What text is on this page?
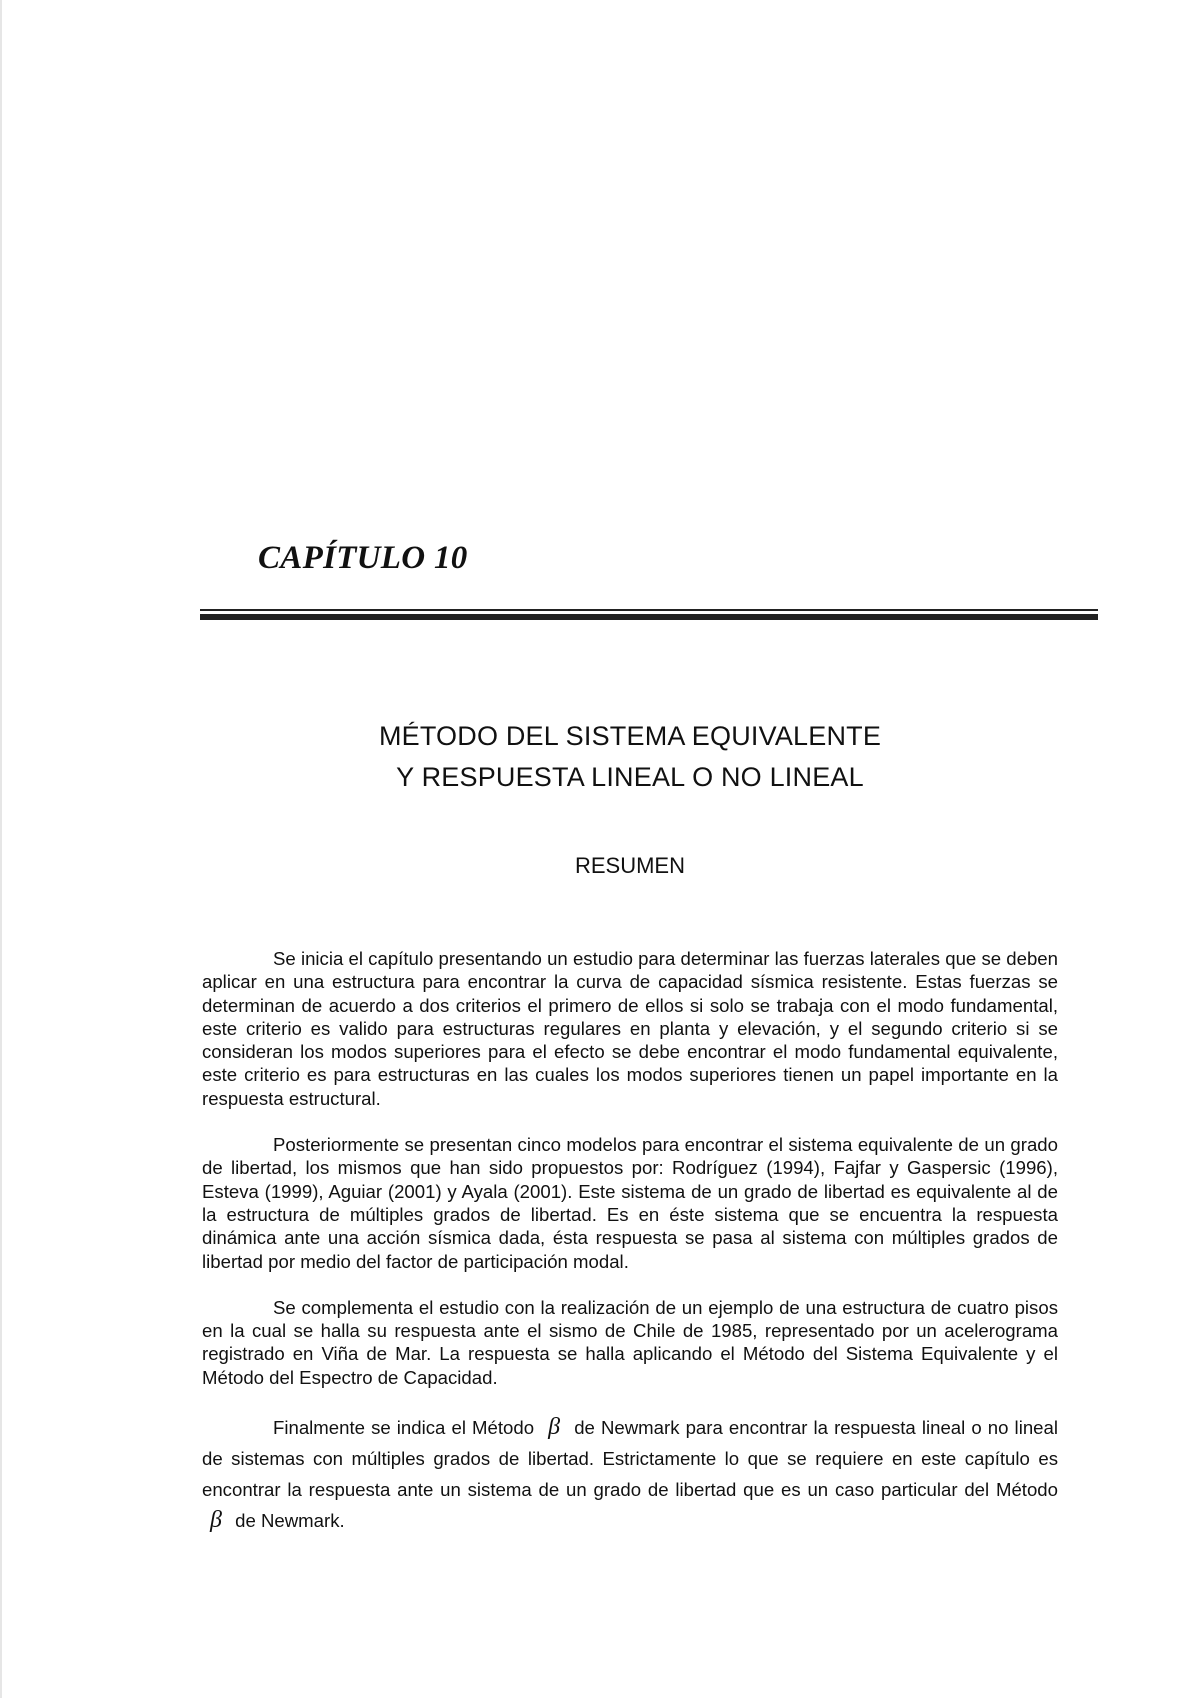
CAPÍTULO 10
MÉTODO DEL SISTEMA EQUIVALENTE
Y RESPUESTA LINEAL O NO LINEAL
RESUMEN

Se inicia el capítulo presentando un estudio para determinar las fuerzas laterales que se deben aplicar en una estructura para encontrar la curva de capacidad sísmica resistente. Estas fuerzas se determinan de acuerdo a dos criterios el primero de ellos si solo se trabaja con el modo fundamental, este criterio es valido para estructuras regulares en planta y elevación, y el segundo criterio si se consideran los modos superiores para el efecto se debe encontrar el modo fundamental equivalente, este criterio es para estructuras en las cuales los modos superiores tienen un papel importante en la respuesta estructural.

Posteriormente se presentan cinco modelos para encontrar el sistema equivalente de un grado de libertad, los mismos que han sido propuestos por: Rodríguez (1994), Fajfar y Gaspersic (1996), Esteva (1999), Aguiar (2001) y Ayala (2001). Este sistema de un grado de libertad es equivalente al de la estructura de múltiples grados de libertad. Es en éste sistema que se encuentra la respuesta dinámica ante una acción sísmica dada, ésta respuesta se pasa al sistema con múltiples grados de libertad por medio del factor de participación modal.

Se complementa el estudio con la realización de un ejemplo de una estructura de cuatro pisos en la cual se halla su respuesta ante el sismo de Chile de 1985, representado por un acelerograma registrado en Viña de Mar. La respuesta se halla aplicando el Método del Sistema Equivalente y el Método del Espectro de Capacidad.

Finalmente se indica el Método β de Newmark para encontrar la respuesta lineal o no lineal de sistemas con múltiples grados de libertad. Estrictamente lo que se requiere en este capítulo es encontrar la respuesta ante un sistema de un grado de libertad que es un caso particular del Método β de Newmark.
